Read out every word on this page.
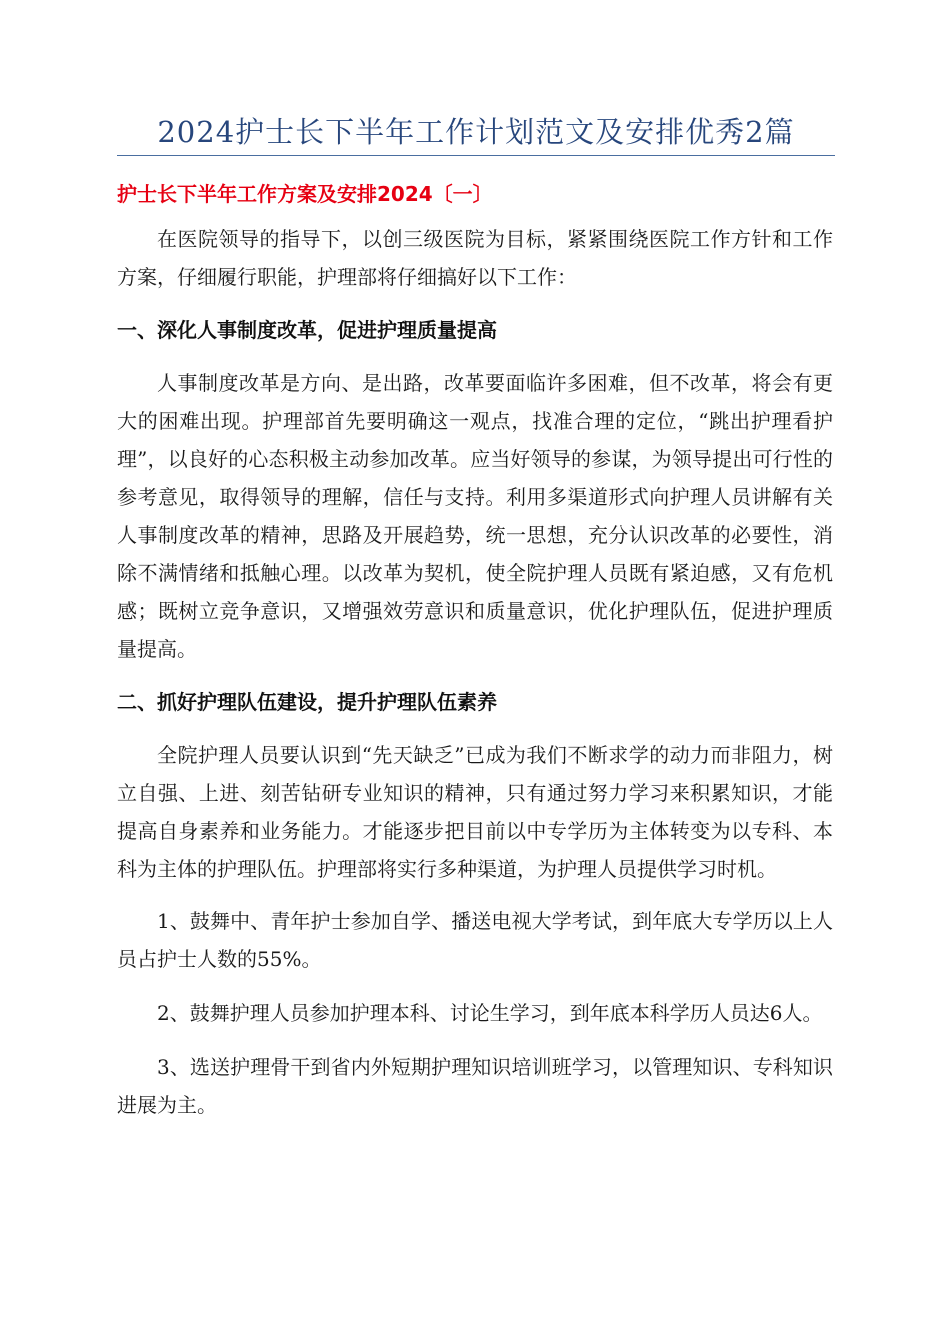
2024护士长下半年工作计划范文及安排优秀2篇

护士长下半年工作方案及安排2024〔一〕

在医院领导的指导下，以创三级医院为目标，紧紧围绕医院工作方针和工作方案，仔细履行职能，护理部将仔细搞好以下工作：

一、深化人事制度改革，促进护理质量提高

人事制度改革是方向、是出路，改革要面临许多困难，但不改革，将会有更大的困难出现。护理部首先要明确这一观点，找准合理的定位，“跳出护理看护理”，以良好的心态积极主动参加改革。应当好领导的参谋，为领导提出可行性的参考意见，取得领导的理解，信任与支持。利用多渠道形式向护理人员讲解有关人事制度改革的精神，思路及开展趋势，统一思想，充分认识改革的必要性，消除不满情绪和抵触心理。以改革为契机，使全院护理人员既有紧迫感，又有危机感；既树立竞争意识，又增强效劳意识和质量意识，优化护理队伍，促进护理质量提高。

二、抓好护理队伍建设，提升护理队伍素养

全院护理人员要认识到“先天缺乏”已成为我们不断求学的动力而非阻力，树立自强、上进、刻苦钻研专业知识的精神，只有通过努力学习来积累知识，才能提高自身素养和业务能力。才能逐步把目前以中专学历为主体转变为以专科、本科为主体的护理队伍。护理部将实行多种渠道，为护理人员提供学习时机。

1、鼓舞中、青年护士参加自学、播送电视大学考试，到年底大专学历以上人员占护士人数的55%。

2、鼓舞护理人员参加护理本科、讨论生学习，到年底本科学历人员达6人。

3、选送护理骨干到省内外短期护理知识培训班学习，以管理知识、专科知识进展为主。
